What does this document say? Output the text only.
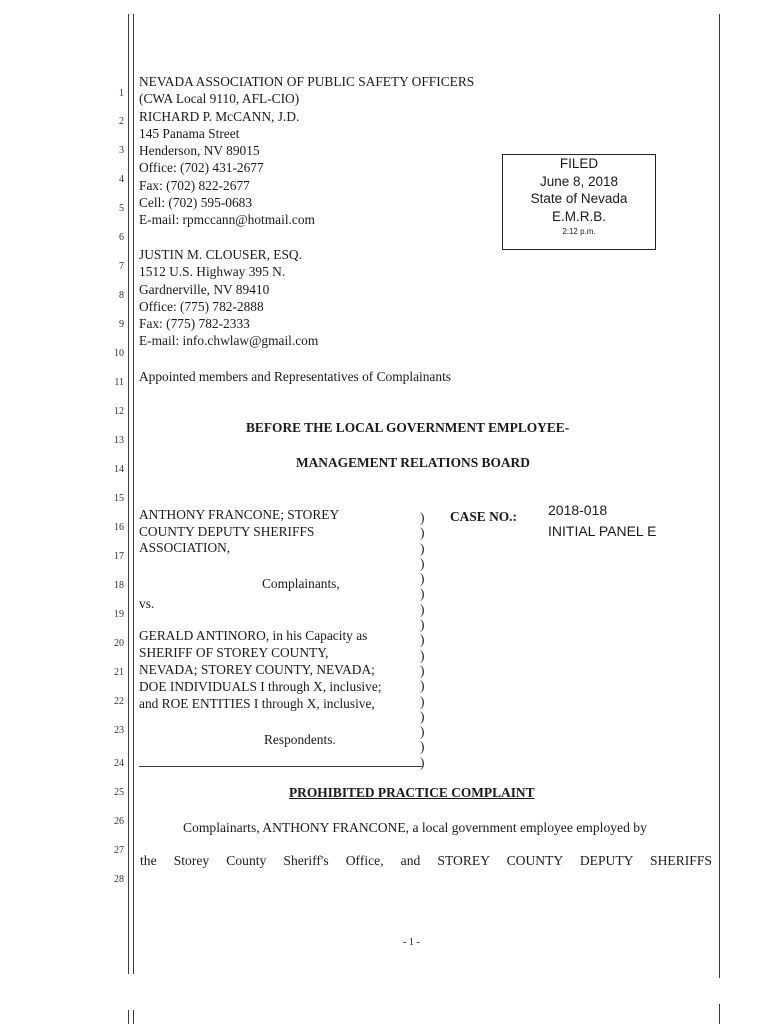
1
2
3
4
5
6
7
8
9
10
11
12
13
14
15
16
17
18
19
20
21
22
23
24
25
26
27
28
NEVADA ASSOCIATION OF PUBLIC SAFETY OFFICERS
(CWA Local 9110, AFL-CIO)
RICHARD P. McCANN, J.D.
145 Panama Street
Henderson, NV 89015
Office: (702) 431-2677
Fax: (702) 822-2677
Cell: (702) 595-0683
E-mail: rpmccann@hotmail.com
FILED
June 8, 2018
State of Nevada
E.M.R.B.
2:12 p.m.
JUSTIN M. CLOUSER, ESQ.
1512 U.S. Highway 395 N.
Gardnerville, NV 89410
Office: (775) 782-2888
Fax: (775) 782-2333
E-mail: info.chwlaw@gmail.com
Appointed members and Representatives of Complainants
BEFORE THE LOCAL GOVERNMENT EMPLOYEE-
MANAGEMENT RELATIONS BOARD
ANTHONY FRANCONE; STOREY
COUNTY DEPUTY SHERIFFS
ASSOCIATION,
Complainants,
vs.
GERALD ANTINORO, in his Capacity as
SHERIFF OF STOREY COUNTY,
NEVADA; STOREY COUNTY, NEVADA;
DOE INDIVIDUALS I through X, inclusive;
and ROE ENTITIES I through X, inclusive,
Respondents.
)
)
)
)
)
)
)
)
)
)
)
)
)
)
)
)
)
CASE NO.: 2018-018
INITIAL PANEL E
PROHIBITED PRACTICE COMPLAINT
Complainarts, ANTHONY FRANCONE, a local government employee employed by
the Storey County Sheriff's Office, and STOREY COUNTY DEPUTY SHERIFFS
- 1 -
